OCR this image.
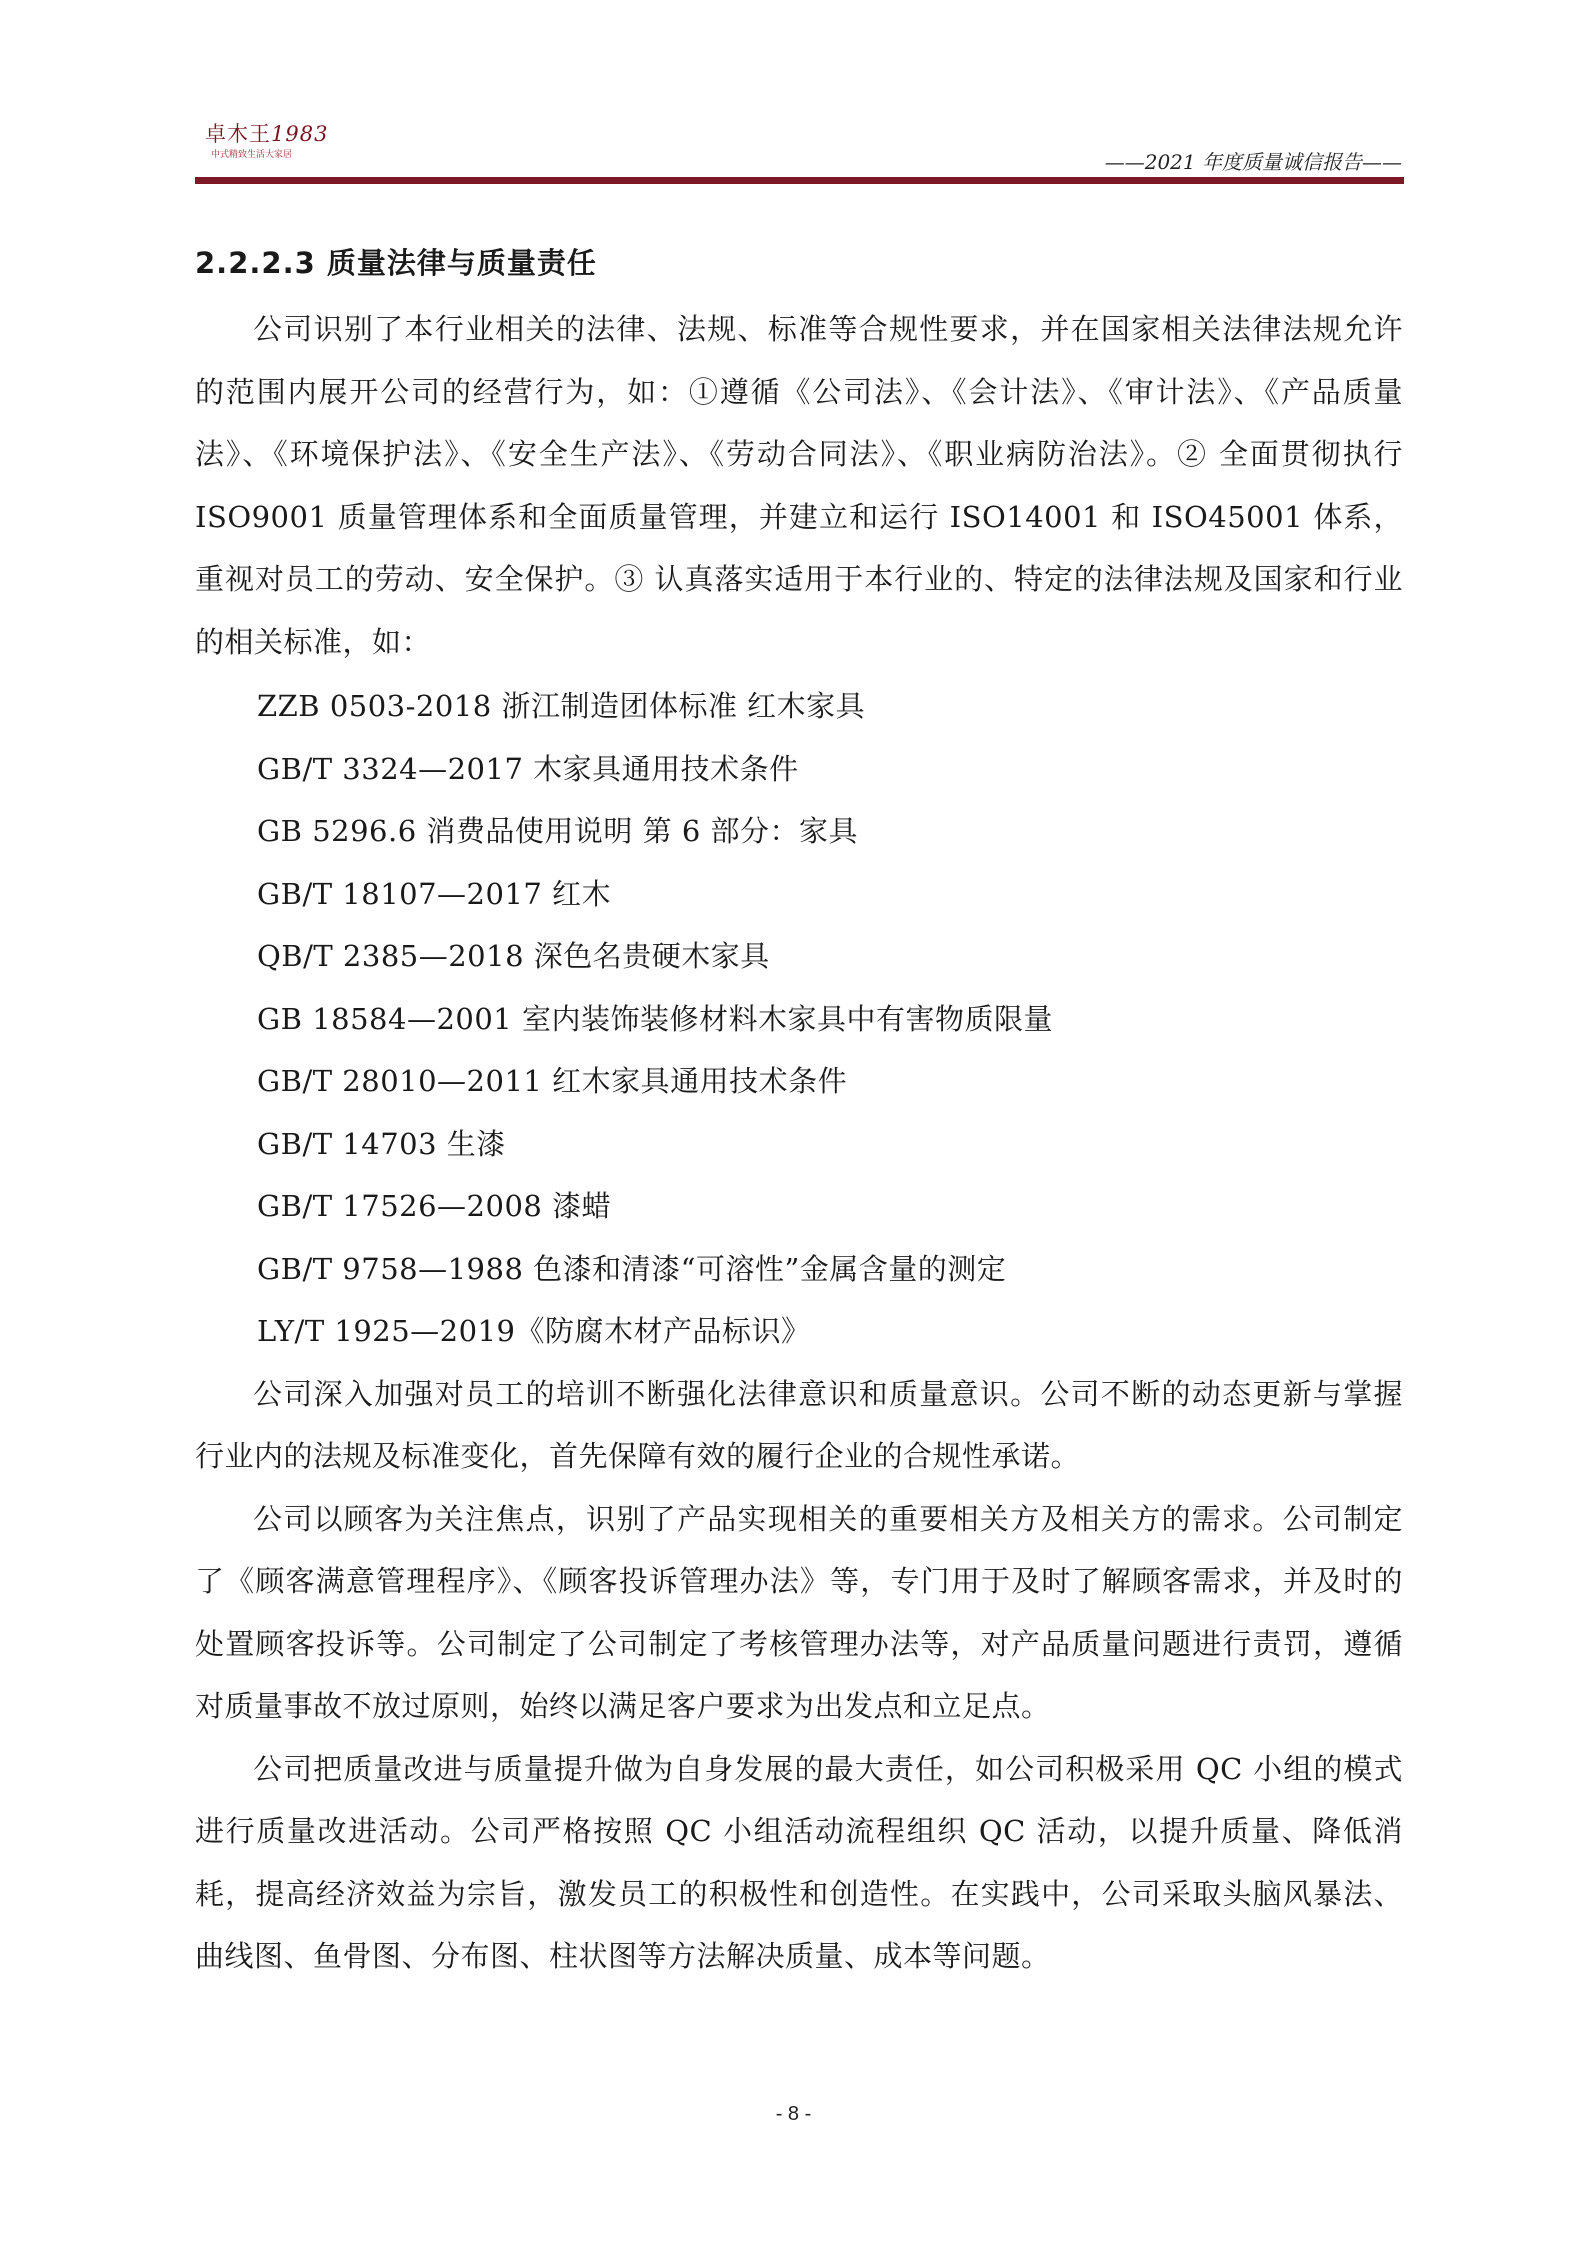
卓木王1983
中式精致生活大家居	——2021 年度质量诚信报告——
2.2.2.3 质量法律与质量责任

公司识别了本行业相关的法律、法规、标准等合规性要求，并在国家相关法律法规允许的范围内展开公司的经营行为，如：①遵循《公司法》、《会计法》、《审计法》、《产品质量法》、《环境保护法》、《安全生产法》、《劳动合同法》、《职业病防治法》。② 全面贯彻执行 ISO9001 质量管理体系和全面质量管理，并建立和运行 ISO14001 和 ISO45001 体系，重视对员工的劳动、安全保护。③ 认真落实适用于本行业的、特定的法律法规及国家和行业的相关标准，如：

ZZB 0503-2018 浙江制造团体标准 红木家具
GB/T 3324—2017 木家具通用技术条件
GB 5296.6 消费品使用说明 第 6 部分：家具
GB/T 18107—2017 红木
QB/T 2385—2018 深色名贵硬木家具
GB 18584—2001 室内装饰装修材料木家具中有害物质限量
GB/T 28010—2011 红木家具通用技术条件
GB/T 14703 生漆
GB/T 17526—2008 漆蜡
GB/T 9758—1988 色漆和清漆“可溶性”金属含量的测定
LY/T 1925—2019《防腐木材产品标识》

公司深入加强对员工的培训不断强化法律意识和质量意识。公司不断的动态更新与掌握行业内的法规及标准变化，首先保障有效的履行企业的合规性承诺。

公司以顾客为关注焦点，识别了产品实现相关的重要相关方及相关方的需求。公司制定了《顾客满意管理程序》、《顾客投诉管理办法》等，专门用于及时了解顾客需求，并及时的处置顾客投诉等。公司制定了公司制定了考核管理办法等，对产品质量问题进行责罚，遵循对质量事故不放过原则，始终以满足客户要求为出发点和立足点。

公司把质量改进与质量提升做为自身发展的最大责任，如公司积极采用 QC 小组的模式进行质量改进活动。公司严格按照 QC 小组活动流程组织 QC 活动，以提升质量、降低消耗，提高经济效益为宗旨，激发员工的积极性和创造性。在实践中，公司采取头脑风暴法、曲线图、鱼骨图、分布图、柱状图等方法解决质量、成本等问题。

- 8 -
